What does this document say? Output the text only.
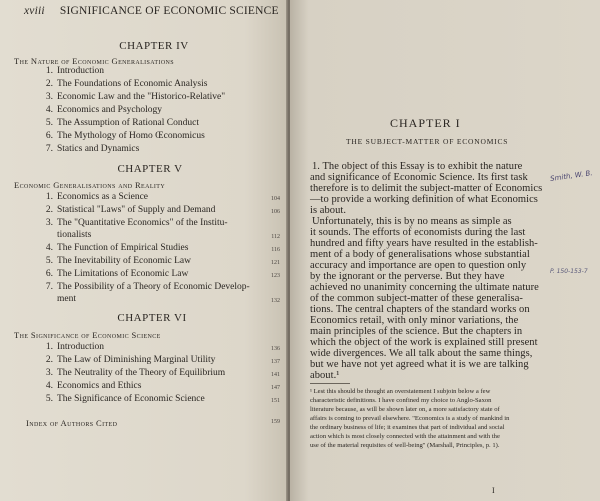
xviii SIGNIFICANCE OF ECONOMIC SCIENCE
CHAPTER IV
The Nature of Economic Generalisations
1. Introduction
2. The Foundations of Economic Analysis
3. Economic Law and the "Historico-Relative"
4. Economics and Psychology
5. The Assumption of Rational Conduct
6. The Mythology of Homo Œconomicus
7. Statics and Dynamics
CHAPTER V
Economic Generalisations and Reality
1. Economics as a Science	104
2. Statistical "Laws" of Supply and Demand	106
3. The "Quantitative Economics" of the Institu-
tionalists	112
4. The Function of Empirical Studies	116
5. The Inevitability of Economic Law	121
6. The Limitations of Economic Law	123
7. The Possibility of a Theory of Economic Develop-
ment	132
CHAPTER VI
The Significance of Economic Science
1. Introduction	136
2. The Law of Diminishing Marginal Utility	137
3. The Neutrality of the Theory of Equilibrium	141
4. Economics and Ethics	147
5. The Significance of Economic Science	151
Index of Authors Cited	159
CHAPTER I
THE SUBJECT-MATTER OF ECONOMICS
1. The object of this Essay is to exhibit the nature
and significance of Economic Science. Its first task
therefore is to delimit the subject-matter of Economics
—to provide a working definition of what Economics
is about.
Unfortunately, this is by no means as simple as
it sounds. The efforts of economists during the last
hundred and fifty years have resulted in the establish-
ment of a body of generalisations whose substantial
accuracy and importance are open to question only
by the ignorant or the perverse. But they have
achieved no unanimity concerning the ultimate nature
of the common subject-matter of these generalisa-
tions. The central chapters of the standard works on
Economics retail, with only minor variations, the
main principles of the science. But the chapters in
which the object of the work is explained still present
wide divergences. We all talk about the same things,
but we have not yet agreed what it is we are talking
about.¹
Smith, W. B.
P. 150-153-7
¹ Lest this should be thought an overstatement I subjoin below a few
characteristic definitions. I have confined my choice to Anglo-Saxon
literature because, as will be shown later on, a more satisfactory state of
affairs is coming to prevail elsewhere. "Economics is a study of mankind in
the ordinary business of life; it examines that part of individual and social
action which is most closely connected with the attainment and with the
use of the material requisites of well-being" (Marshall, Principles, p. 1).
I
